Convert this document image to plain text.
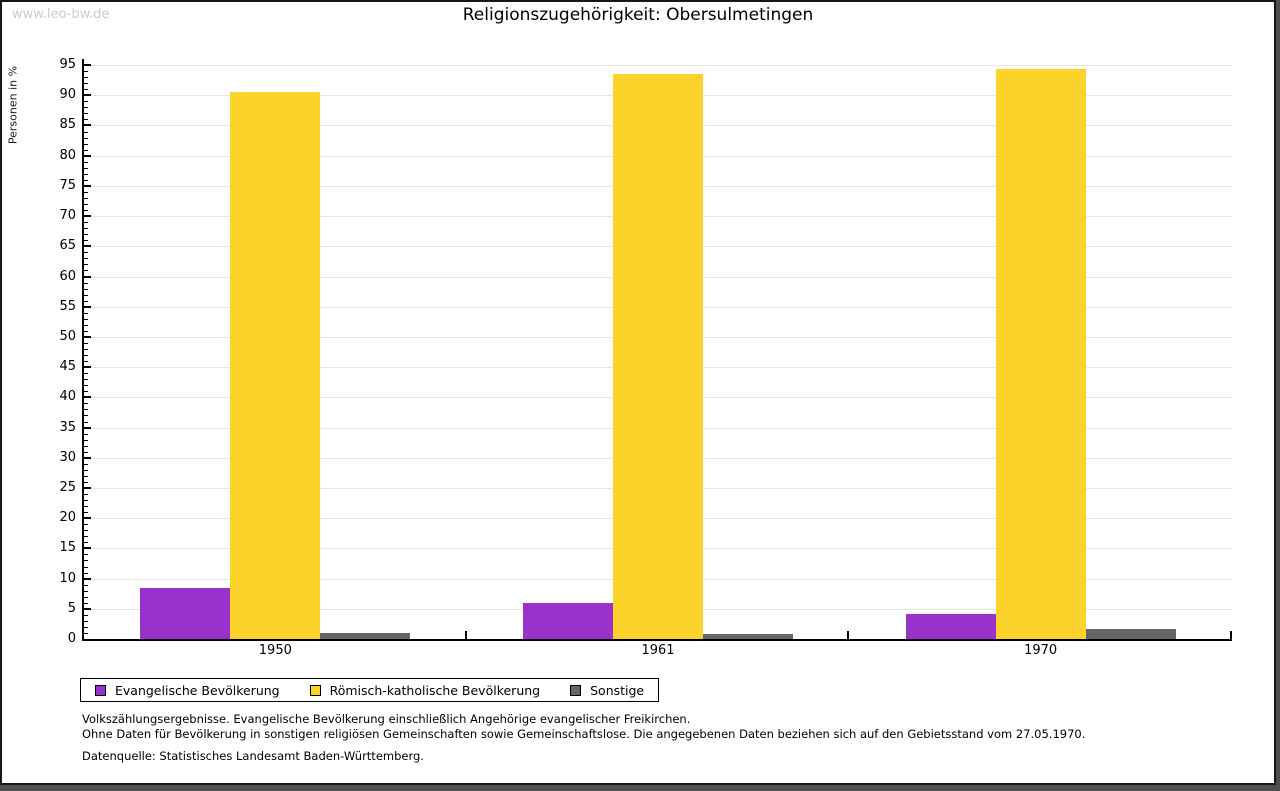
www.leo-bw.de	Religionszugehörigkeit: Obersulmetingen
Personen in %
0
5
10
15
20
25
30
35
40
45
50
55
60
65
70
75
80
85
90
95
1950	1961	1970
Evangelische Bevölkerung	Römisch-katholische Bevölkerung	Sonstige
Volkszählungsergebnisse. Evangelische Bevölkerung einschließlich Angehörige evangelischer Freikirchen.
Ohne Daten für Bevölkerung in sonstigen religiösen Gemeinschaften sowie Gemeinschaftslose. Die angegebenen Daten beziehen sich auf den Gebietsstand vom 27.05.1970.
Datenquelle: Statistisches Landesamt Baden-Württemberg.
